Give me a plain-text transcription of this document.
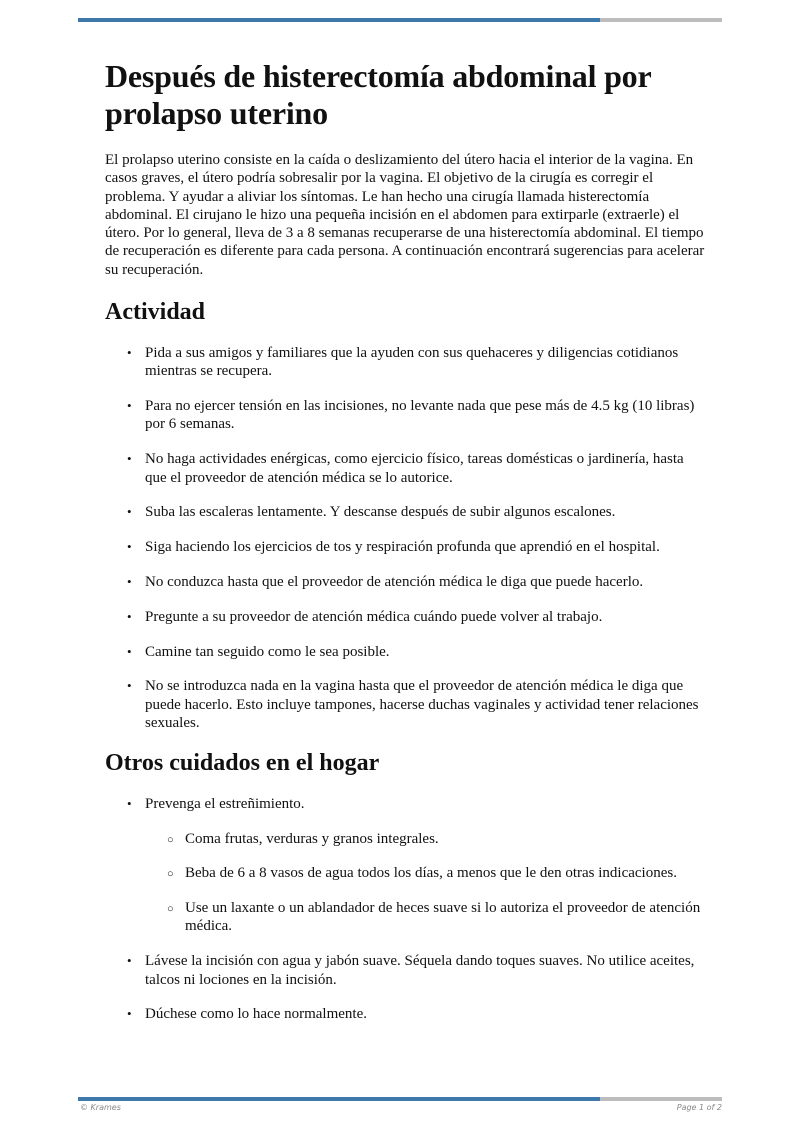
Después de histerectomía abdominal por prolapso uterino

El prolapso uterino consiste en la caída o deslizamiento del útero hacia el interior de la vagina. En casos graves, el útero podría sobresalir por la vagina. El objetivo de la cirugía es corregir el problema. Y ayudar a aliviar los síntomas. Le han hecho una cirugía llamada histerectomía abdominal. El cirujano le hizo una pequeña incisión en el abdomen para extirparle (extraerle) el útero. Por lo general, lleva de 3 a 8 semanas recuperarse de una histerectomía abdominal. El tiempo de recuperación es diferente para cada persona. A continuación encontrará sugerencias para acelerar su recuperación.

Actividad
• Pida a sus amigos y familiares que la ayuden con sus quehaceres y diligencias cotidianos mientras se recupera.
• Para no ejercer tensión en las incisiones, no levante nada que pese más de 4.5 kg (10 libras) por 6 semanas.
• No haga actividades enérgicas, como ejercicio físico, tareas domésticas o jardinería, hasta que el proveedor de atención médica se lo autorice.
• Suba las escaleras lentamente. Y descanse después de subir algunos escalones.
• Siga haciendo los ejercicios de tos y respiración profunda que aprendió en el hospital.
• No conduzca hasta que el proveedor de atención médica le diga que puede hacerlo.
• Pregunte a su proveedor de atención médica cuándo puede volver al trabajo.
• Camine tan seguido como le sea posible.
• No se introduzca nada en la vagina hasta que el proveedor de atención médica le diga que puede hacerlo. Esto incluye tampones, hacerse duchas vaginales y actividad tener relaciones sexuales.
Otros cuidados en el hogar
• Prevenga el estreñimiento.
○ Coma frutas, verduras y granos integrales.
○ Beba de 6 a 8 vasos de agua todos los días, a menos que le den otras indicaciones.
○ Use un laxante o un ablandador de heces suave si lo autoriza el proveedor de atención médica.
• Lávese la incisión con agua y jabón suave. Séquela dando toques suaves. No utilice aceites, talcos ni lociones en la incisión.
• Dúchese como lo hace normalmente.
© Krames	Page 1 of 2
